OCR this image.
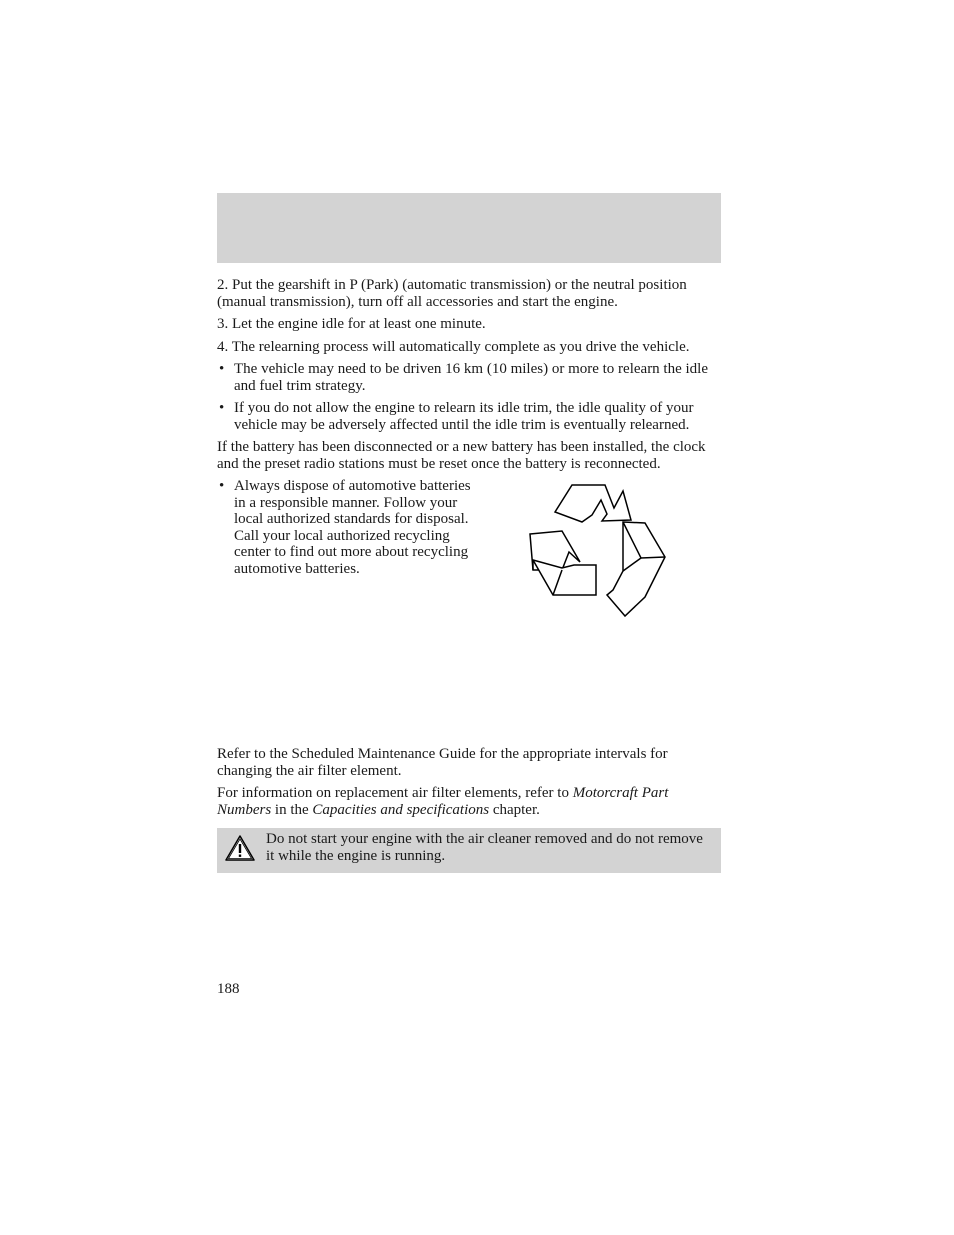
2. Put the gearshift in P (Park) (automatic transmission) or the neutral position (manual transmission), turn off all accessories and start the engine.

3. Let the engine idle for at least one minute.

4. The relearning process will automatically complete as you drive the vehicle.

• The vehicle may need to be driven 16 km (10 miles) or more to relearn the idle and fuel trim strategy.
• If you do not allow the engine to relearn its idle trim, the idle quality of your vehicle may be adversely affected until the idle trim is eventually relearned.

If the battery has been disconnected or a new battery has been installed, the clock and the preset radio stations must be reset once the battery is reconnected.

• Always dispose of automotive batteries in a responsible manner. Follow your local authorized standards for disposal. Call your local authorized recycling center to find out more about recycling automotive batteries.

Refer to the Scheduled Maintenance Guide for the appropriate intervals for changing the air filter element.

For information on replacement air filter elements, refer to Motorcraft Part Numbers in the Capacities and specifications chapter.

Do not start your engine with the air cleaner removed and do not remove it while the engine is running.
188
